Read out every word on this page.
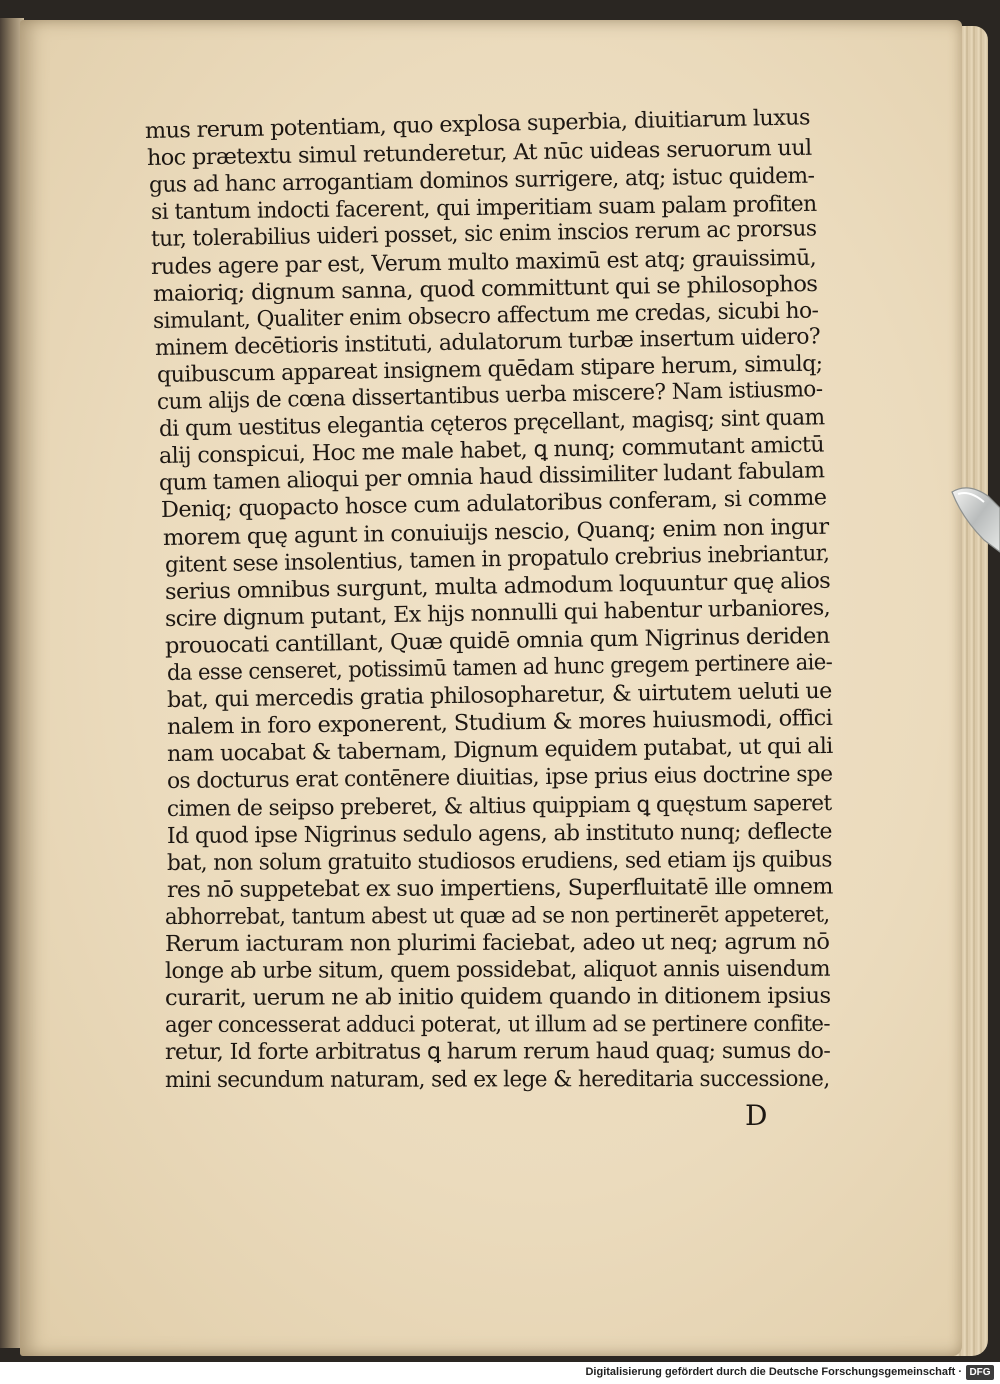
mus rerum potentiam, quo explosa superbia, diuitiarum luxus
hoc prætextu simul retunderetur, At nūc uideas seruorum uul
gus ad hanc arrogantiam dominos surrigere, atq; istuc quidem-
si tantum indocti facerent, qui imperitiam suam palam profiten
tur, tolerabilius uideri posset, sic enim inscios rerum ac prorsus
rudes agere par est, Verum multo maximū est atq; grauissimū,
maioriq; dignum sanna, quod committunt qui se philosophos
simulant, Qualiter enim obsecro affectum me credas, sicubi ho-
minem decētioris instituti, adulatorum turbæ insertum uidero?
quibuscum appareat insignem quēdam stipare herum, simulq;
cum alijs de cœna dissertantibus uerba miscere? Nam istiusmo-
di qum uestitus elegantia cęteros pręcellant, magisq; sint quam
alij conspicui, Hoc me male habet, ꝗ nunq; commutant amictū
qum tamen alioqui per omnia haud dissimiliter ludant fabulam
Deniq; quopacto hosce cum adulatoribus conferam, si comme
morem quę agunt in conuiuijs nescio, Quanq; enim non ingur
gitent sese insolentius, tamen in propatulo crebrius inebriantur,
serius omnibus surgunt, multa admodum loquuntur quę alios
scire dignum putant, Ex hijs nonnulli qui habentur urbaniores,
prouocati cantillant, Quæ quidē omnia qum Nigrinus deriden
da esse censeret, potissimū tamen ad hunc gregem pertinere aie-
bat, qui mercedis gratia philosopharetur, & uirtutem ueluti ue
nalem in foro exponerent, Studium & mores huiusmodi, offici
nam uocabat & tabernam, Dignum equidem putabat, ut qui ali
os docturus erat contēnere diuitias, ipse prius eius doctrine spe
cimen de seipso preberet, & altius quippiam ꝗ quęstum saperet
Id quod ipse Nigrinus sedulo agens, ab instituto nunq; deflecte
bat, non solum gratuito studiosos erudiens, sed etiam ijs quibus
res nō suppetebat ex suo impertiens, Superfluitatē ille omnem
abhorrebat, tantum abest ut quæ ad se non pertinerēt appeteret,
Rerum iacturam non plurimi faciebat, adeo ut neq; agrum nō
longe ab urbe situm, quem possidebat, aliquot annis uisendum
curarit, uerum ne ab initio quidem quando in ditionem ipsius
ager concesserat adduci poterat, ut illum ad se pertinere confite-
retur, Id forte arbitratus ꝗ harum rerum haud quaq; sumus do-
mini secundum naturam, sed ex lege & hereditaria successione,
D
Digitalisierung gefördert durch die Deutsche Forschungsgemeinschaft · DFG
